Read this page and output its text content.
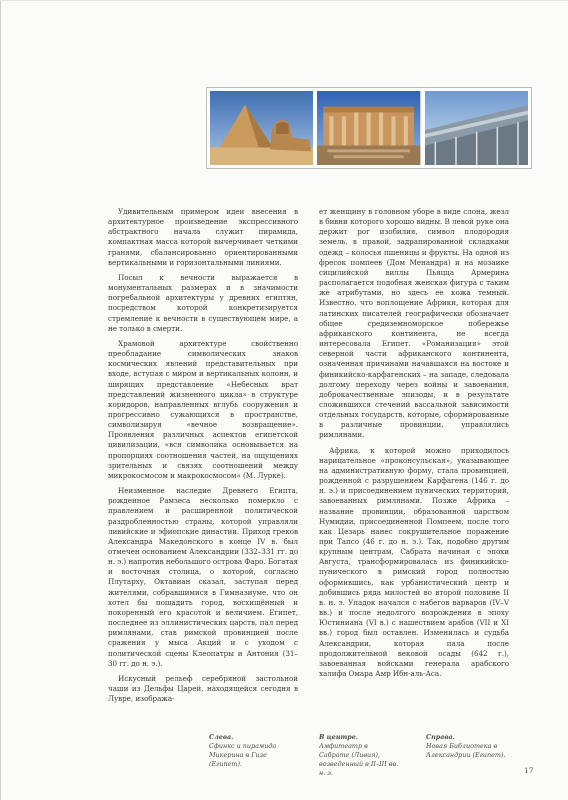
Удивительным примером идеи внесения в архитектурное произведение экспрессивного абстрактного начала служит пирамида, компактная масса которой вычерчивает четкими гранями, сбалансированно ориентированными вертикальными и горизонтальными линиями.

Посыл к вечности выражается в монументальных размерах и в значимости погребальной архитектуры у древних египтян, посредством которой конкретизируется стремление к вечности в существующем мире, а не только в смерти.

Храмовой архитектуре свойственно преобладание символических знаков космических явлений представительных при входе, вступая с миром и вертикальных колонн, и ширящих представление «Небесных врат представлений жизненного цикла» в структуре коридоров, направленных вглубь сооружения и прогрессивно сужающихся в пространстве, символизируя «вечное возвращение». Проявления различных аспектов египетской цивилизации, «вся символика основывается на пропорциях соотношения частей, на ощущениях зрительных и связях соотношений между микрокосмосом и макрокосмосом» (М. Лурке).

Неизменное наследие Древнего Египта, рожденное Рамзеса несколько померкло с правлением и расширенной политической раздробленностью страны, которой управляли ливийские и эфиопские династии. Приход греков Александра Македонского в конце IV в. был отмечен основанием Александрии (332–331 гг. до н. э.) напротив небольшого острова Фаро. Богатая и восточная столица, о которой, согласно Плутарху, Октавиан сказал, заступая перед жителями, собравшимися в Гимназиуме, что он хотел бы пощадить город, восхищённый и покоренный его красотой и величием. Египет, последнее из эллинистических царств, пал перед римлянами, став римской провинцией после сражения у мыса Акций и с уходом с политической сцены Клеопатры и Антония (31–30 гг. до н. э.).

Искусный рельеф серебряной застольной чаши из Дельфы Царей, находящейся сегодня в Лувре, изобража-

ет женщину в головном уборе в виде слона, жезл в бивни которого хорошо видны. В левой руке она держит рог изобилия, символ плодородия земель, в правой, задрапированной складками одежд – колосья пшеницы и фрукты. На одной из фресок помпеев (Дом Менандра) и на мозаике сицилийской виллы Пьяцца Армерина располагается подобная женская фигура с таким же атрибутами, но здесь ее кожа темный. Известно, что воплощение Африки, которая для латинских писателей географически обозначает общее средиземноморское побережье африканского континента, не всегда интересовала Египет. «Романизация» этой северной части африканского континента, означенная причинами начавшаяся на востоке и финикийско-карфагенских – на западе, следовала долгому переходу через войны и завоевания, доброкачественные эпизоды, и в результате сложившихся стечений вассальной зависимости отдельных государств, которые, сформированные в различные провинции, управлялись римлянами.

Африка, к которой можно приходилось нарицательное «проконсульская», указывающее на административную форму, стала провинцией, рожденной с разрушением Карфагена (146 г. до н. э.) и присоединением пунических территорий, завоеванных римлянами. Позже Африка – название провинции, образованной царством Нумидии, присоединенной Помпеем, после того как Цезарь нанес сокрушительное поражение при Тапсо (46 г. до н. э.). Так, подобно другим крупным центрам, Сабрата начиная с эпохи Августа, трансформировалась из финикийско-пунического в римский город полностью оформившись, как урбанистический центр и добившись ряда милостей во второй половине II в. н. э. Упадок начался с набегов варваров (IV–V вв.) и после недолгого возрождения в эпоху Юстиниана (VI в.) с нашествием арабов (VII и XI вв.) город был оставлен. Изменилась и судьба Александрии, которая пала после продолжительной вековой осады (642 г.), завоеванная войсками генерала арабского халифа Омара Амр Ибн-аль-Аса.

Слева.
Сфинкс и пирамида Микерина в Гизе (Египет).
В центре.
Амфитеатр в Сабрате (Ливия), возведенный в II–III вв. н. э.
Справа.
Новая Библиотека в Александрии (Египет).
17
